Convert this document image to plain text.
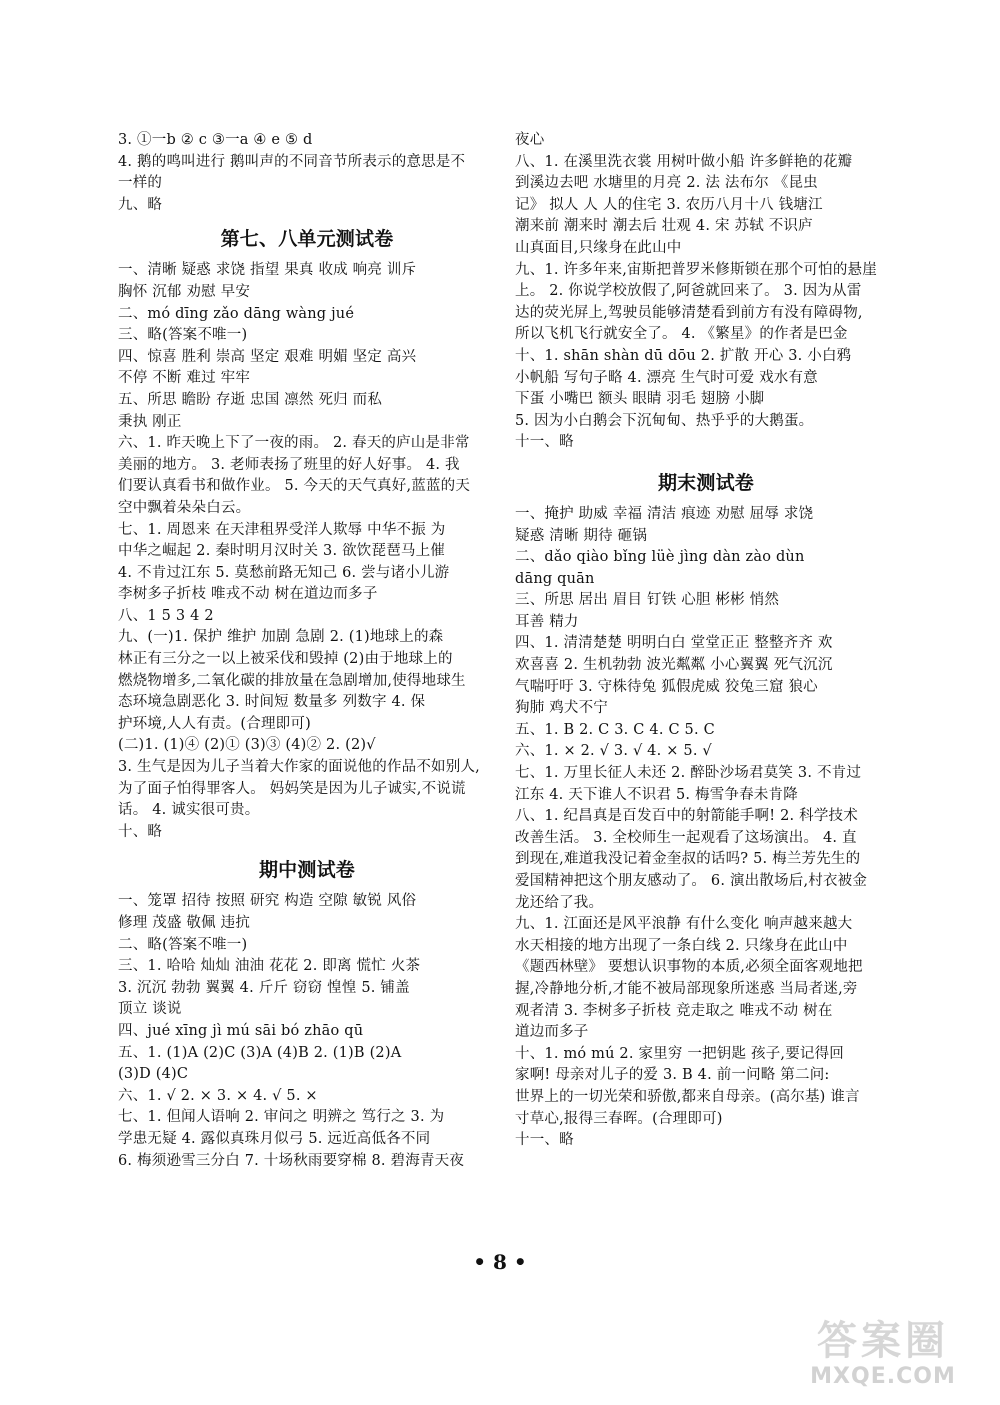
3. ①一b ② c ③一a ④ e ⑤ d
4. 鹅的鸣叫进行 鹅叫声的不同音节所表示的意思是不
一样的
九、略
第七、八单元测试卷
一、清晰 疑惑 求饶 指望 果真 收成 响亮 训斥
胸怀 沉郁 劝慰 早安
二、mó dīng zǎo dāng wàng jué
三、略(答案不唯一)
四、惊喜 胜利 崇高 坚定 艰难 明媚 坚定 高兴
不停 不断 难过 牢牢
五、所思 瞻盼 存逝 忠国 凛然 死归 而私
秉执 刚正
六、1. 昨天晚上下了一夜的雨。 2. 春天的庐山是非常
美丽的地方。 3. 老师表扬了班里的好人好事。 4. 我
们要认真看书和做作业。 5. 今天的天气真好,蓝蓝的天
空中飘着朵朵白云。
七、1. 周恩来 在天津租界受洋人欺辱 中华不振 为
中华之崛起 2. 秦时明月汉时关 3. 欲饮琵琶马上催
4. 不肯过江东 5. 莫愁前路无知己 6. 尝与诸小儿游
李树多子折枝 唯戎不动 树在道边而多子
八、1 5 3 4 2
九、(一)1. 保护 维护 加剧 急剧 2. (1)地球上的森
林正有三分之一以上被采伐和毁掉 (2)由于地球上的
燃烧物增多,二氧化碳的排放量在急剧增加,使得地球生
态环境急剧恶化 3. 时间短 数量多 列数字 4. 保
护环境,人人有责。(合理即可)
(二)1. (1)④ (2)① (3)③ (4)② 2. (2)√
3. 生气是因为儿子当着大作家的面说他的作品不如别人,
为了面子怕得罪客人。 妈妈笑是因为儿子诚实,不说谎
话。 4. 诚实很可贵。
十、略
期中测试卷
一、笼罩 招待 按照 研究 构造 空隙 敏锐 风俗
修理 茂盛 敬佩 违抗
二、略(答案不唯一)
三、1. 哈哈 灿灿 油油 花花 2. 即离 慌忙 火茶
3. 沉沉 勃勃 翼翼 4. 斤斤 窃窃 惶惶 5. 铺盖
顶立 谈说
四、jué xīng jì mú sāi bó zhāo qū
五、1. (1)A (2)C (3)A (4)B 2. (1)B (2)A
(3)D (4)C
六、1. √ 2. × 3. × 4. √ 5. ×
七、1. 但闻人语响 2. 审问之 明辨之 笃行之 3. 为
学患无疑 4. 露似真珠月似弓 5. 远近高低各不同
6. 梅须逊雪三分白 7. 十场秋雨要穿棉 8. 碧海青天夜
夜心
八、1. 在溪里洗衣裳 用树叶做小船 许多鲜艳的花瓣
到溪边去吧 水塘里的月亮 2. 法 法布尔 《昆虫
记》 拟人 人 人的住宅 3. 农历八月十八 钱塘江
潮来前 潮来时 潮去后 壮观 4. 宋 苏轼 不识庐
山真面目,只缘身在此山中
九、1. 许多年来,宙斯把普罗米修斯锁在那个可怕的悬崖
上。 2. 你说学校放假了,阿爸就回来了。 3. 因为从雷
达的荧光屏上,驾驶员能够清楚看到前方有没有障碍物,
所以飞机飞行就安全了。 4. 《繁星》的作者是巴金
十、1. shān shàn dū dōu 2. 扩散 开心 3. 小白鸦
小帆船 写句子略 4. 漂亮 生气时可爱 戏水有意
下蛋 小嘴巴 额头 眼睛 羽毛 翅膀 小脚
5. 因为小白鹅会下沉甸甸、热乎乎的大鹅蛋。
十一、略
期末测试卷
一、掩护 助威 幸福 清洁 痕迹 劝慰 屈辱 求饶
疑惑 清晰 期待 砸锅
二、dǎo qiào bǐng lüè jìng dàn zào dùn
dāng quān
三、所思 居出 眉目 钉铁 心胆 彬彬 悄然
耳善 精力
四、1. 清清楚楚 明明白白 堂堂正正 整整齐齐 欢
欢喜喜 2. 生机勃勃 波光粼粼 小心翼翼 死气沉沉
气喘吁吁 3. 守株待兔 狐假虎威 狡兔三窟 狼心
狗肺 鸡犬不宁
五、1. B 2. C 3. C 4. C 5. C
六、1. × 2. √ 3. √ 4. × 5. √
七、1. 万里长征人未还 2. 醉卧沙场君莫笑 3. 不肯过
江东 4. 天下谁人不识君 5. 梅雪争春未肯降
八、1. 纪昌真是百发百中的射箭能手啊! 2. 科学技术
改善生活。 3. 全校师生一起观看了这场演出。 4. 直
到现在,难道我没记着金奎叔的话吗? 5. 梅兰芳先生的
爱国精神把这个朋友感动了。 6. 演出散场后,村衣被金
龙还给了我。
九、1. 江面还是风平浪静 有什么变化 响声越来越大
水天相接的地方出现了一条白线 2. 只缘身在此山中
《题西林壁》 要想认识事物的本质,必须全面客观地把
握,冷静地分析,才能不被局部现象所迷惑 当局者迷,旁
观者清 3. 李树多子折枝 竞走取之 唯戎不动 树在
道边而多子
十、1. mó mú 2. 家里穷 一把钥匙 孩子,要记得回
家啊! 母亲对儿子的爱 3. B 4. 前一问略 第二问:
世界上的一切光荣和骄傲,都来自母亲。(高尔基) 谁言
寸草心,报得三春晖。(合理即可)
十一、略
• 8 •
答案圈
MXQE.COM
